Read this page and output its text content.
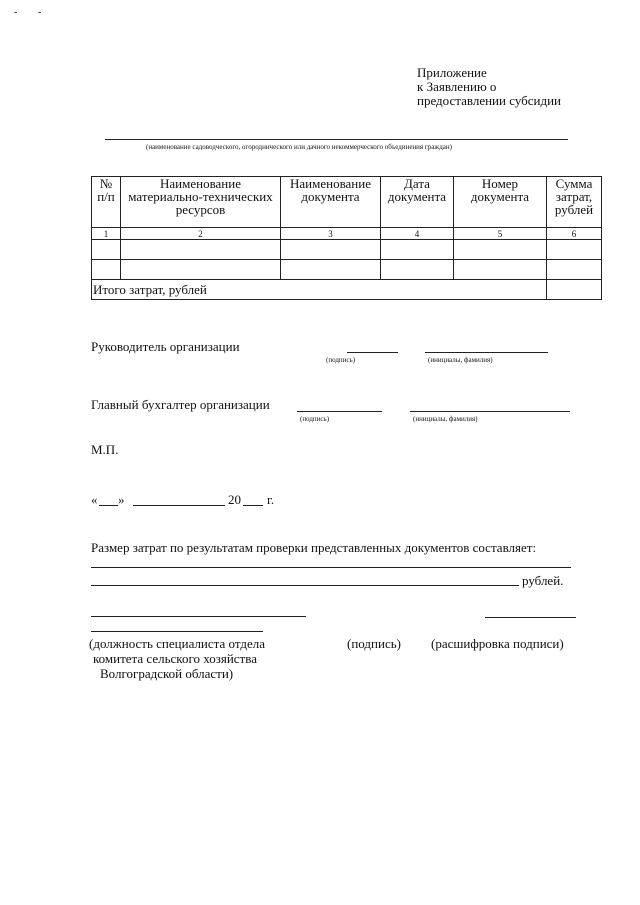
- -
Приложение
к Заявлению о
предоставлении субсидии
(наименование садоводческого, огороднического или дачного некоммерческого объединения граждан)
№ п/п	Наименование материально-технических ресурсов	Наименование документа	Дата документа	Номер документа	Сумма затрат, рублей
1	2	3	4	5	6

Итого затрат, рублей					
Руководитель организации
(подпись)	(инициалы, фамилия)
Главный бухгалтер организации
(подпись)	(инициалы, фамилия)
М.П.
« »	20 г.
Размер затрат по результатам проверки представленных документов составляет:
рублей.
(должность специалиста отдела
комитета сельского хозяйства
Волгоградской области)
(подпись) (расшифровка подписи)
